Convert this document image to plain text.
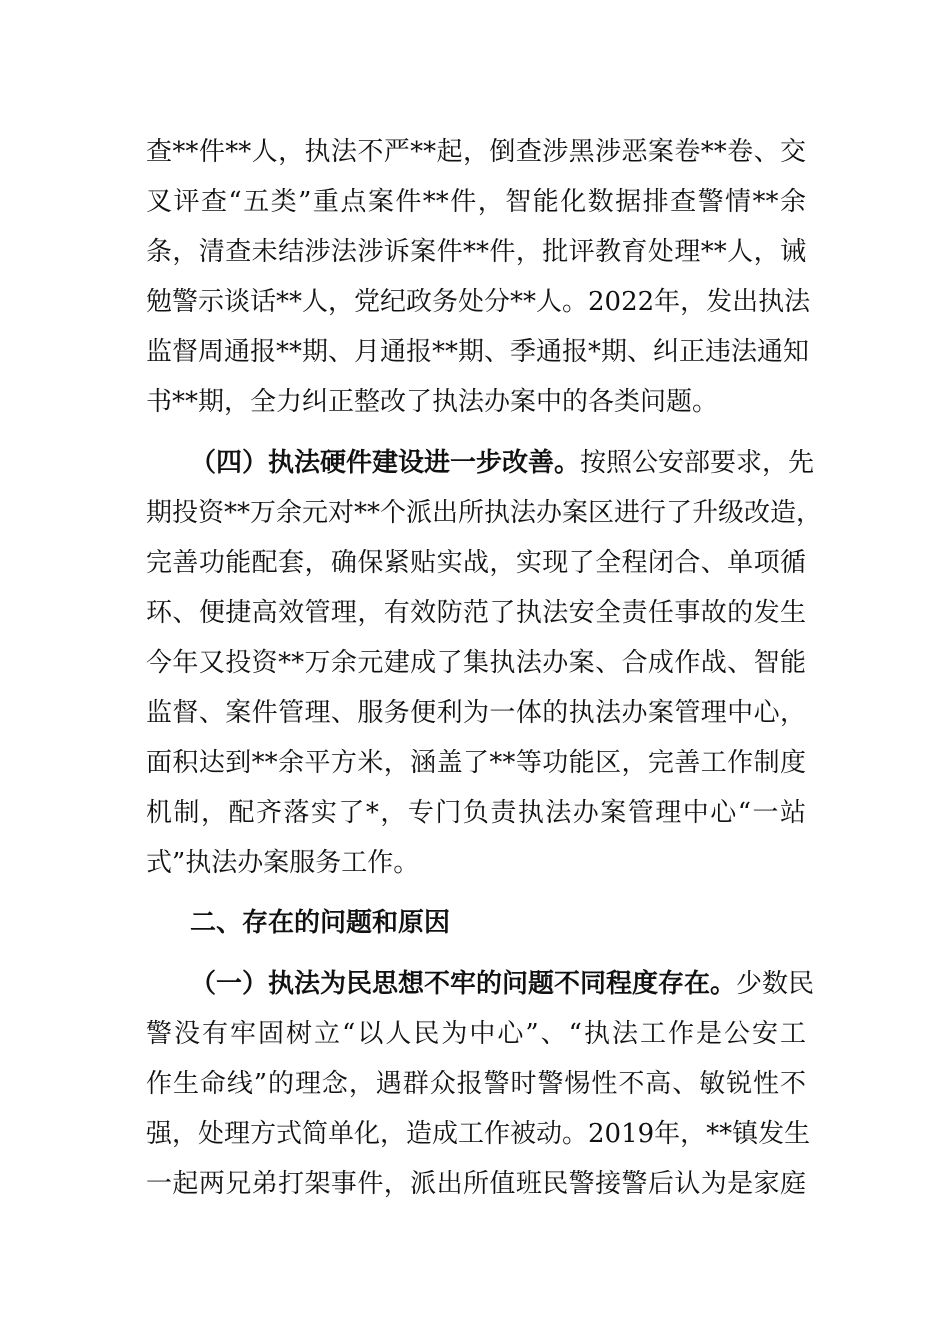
查**件**人，执法不严**起，倒查涉黑涉恶案卷**卷、交
叉评查“五类”重点案件**件，智能化数据排查警情**余
条，清查未结涉法涉诉案件**件，批评教育处理**人，诫
勉警示谈话**人，党纪政务处分**人。2022年，发出执法
监督周通报**期、月通报**期、季通报*期、纠正违法通知
书**期，全力纠正整改了执法办案中的各类问题。
（四）执法硬件建设进一步改善。按照公安部要求，先
期投资**万余元对**个派出所执法办案区进行了升级改造，
完善功能配套，确保紧贴实战，实现了全程闭合、单项循
环、便捷高效管理，有效防范了执法安全责任事故的发生
今年又投资**万余元建成了集执法办案、合成作战、智能
监督、案件管理、服务便利为一体的执法办案管理中心，
面积达到**余平方米，涵盖了**等功能区，完善工作制度
机制，配齐落实了*，专门负责执法办案管理中心“一站
式”执法办案服务工作。
二、存在的问题和原因
（一）执法为民思想不牢的问题不同程度存在。少数民
警没有牢固树立“以人民为中心”、“执法工作是公安工
作生命线”的理念，遇群众报警时警惕性不高、敏锐性不
强，处理方式简单化，造成工作被动。2019年，**镇发生
一起两兄弟打架事件，派出所值班民警接警后认为是家庭
